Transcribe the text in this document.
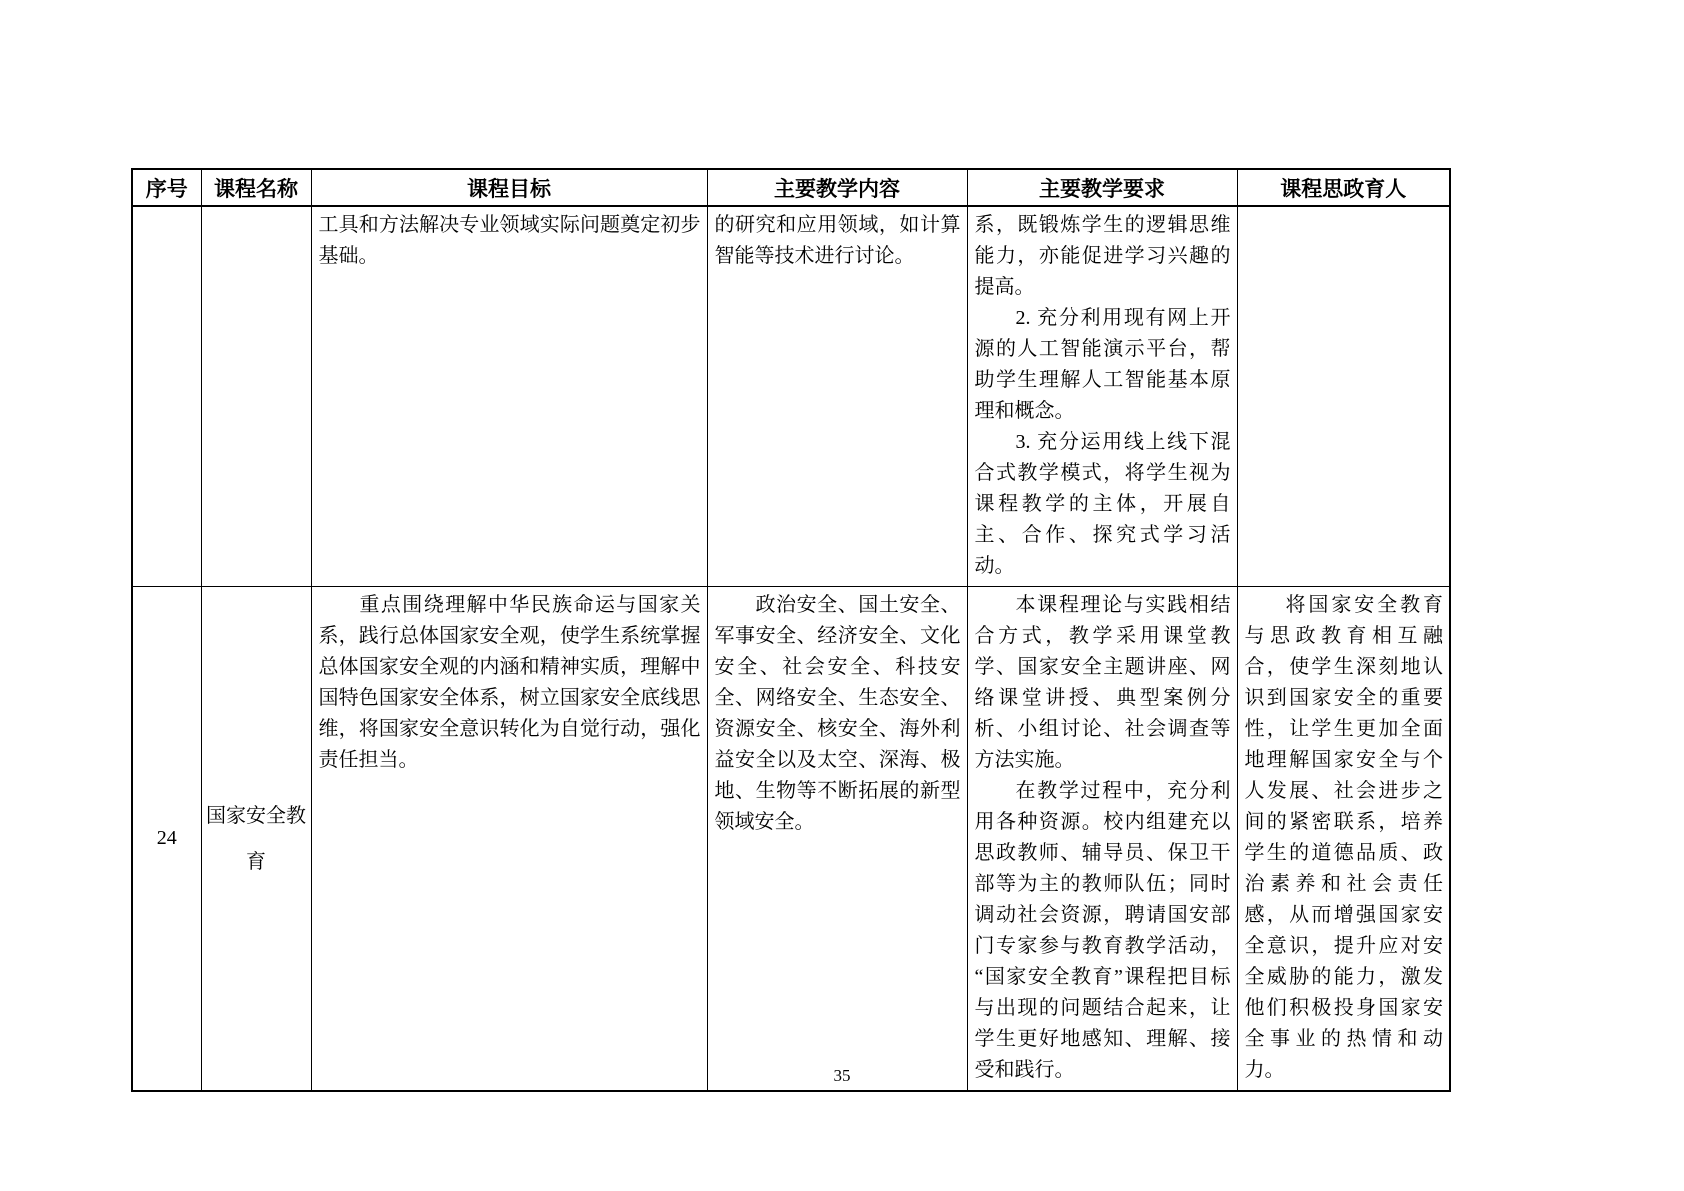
序号	课程名称	课程目标	主要教学内容	主要教学要求	课程思政育人

		工具和方法解决专业领域实际问题奠定初步基础。	的研究和应用领域，如计算智能等技术进行讨论。	系，既锻炼学生的逻辑思维能力，亦能促进学习兴趣的提高。
2. 充分利用现有网上开源的人工智能演示平台，帮助学生理解人工智能基本原理和概念。
3. 充分运用线上线下混合式教学模式，将学生视为课程教学的主体，开展自主、合作、探究式学习活动。	

24	国家安全教育	重点围绕理解中华民族命运与国家关系，践行总体国家安全观，使学生系统掌握总体国家安全观的内涵和精神实质，理解中国特色国家安全体系，树立国家安全底线思维，将国家安全意识转化为自觉行动，强化责任担当。	政治安全、国土安全、军事安全、经济安全、文化安全、社会安全、科技安全、网络安全、生态安全、资源安全、核安全、海外利益安全以及太空、深海、极地、生物等不断拓展的新型领域安全。	本课程理论与实践相结合方式，教学采用课堂教学、国家安全主题讲座、网络课堂讲授、典型案例分析、小组讨论、社会调查等方法实施。
在教学过程中，充分利用各种资源。校内组建充以思政教师、辅导员、保卫干部等为主的教师队伍；同时调动社会资源，聘请国安部门专家参与教育教学活动，“国家安全教育”课程把目标与出现的问题结合起来，让学生更好地感知、理解、接受和践行。	将国家安全教育与思政教育相互融合，使学生深刻地认识到国家安全的重要性，让学生更加全面地理解国家安全与个人发展、社会进步之间的紧密联系，培养学生的道德品质、政治素养和社会责任感，从而增强国家安全意识，提升应对安全威胁的能力，激发他们积极投身国家安全事业的热情和动力。
35
